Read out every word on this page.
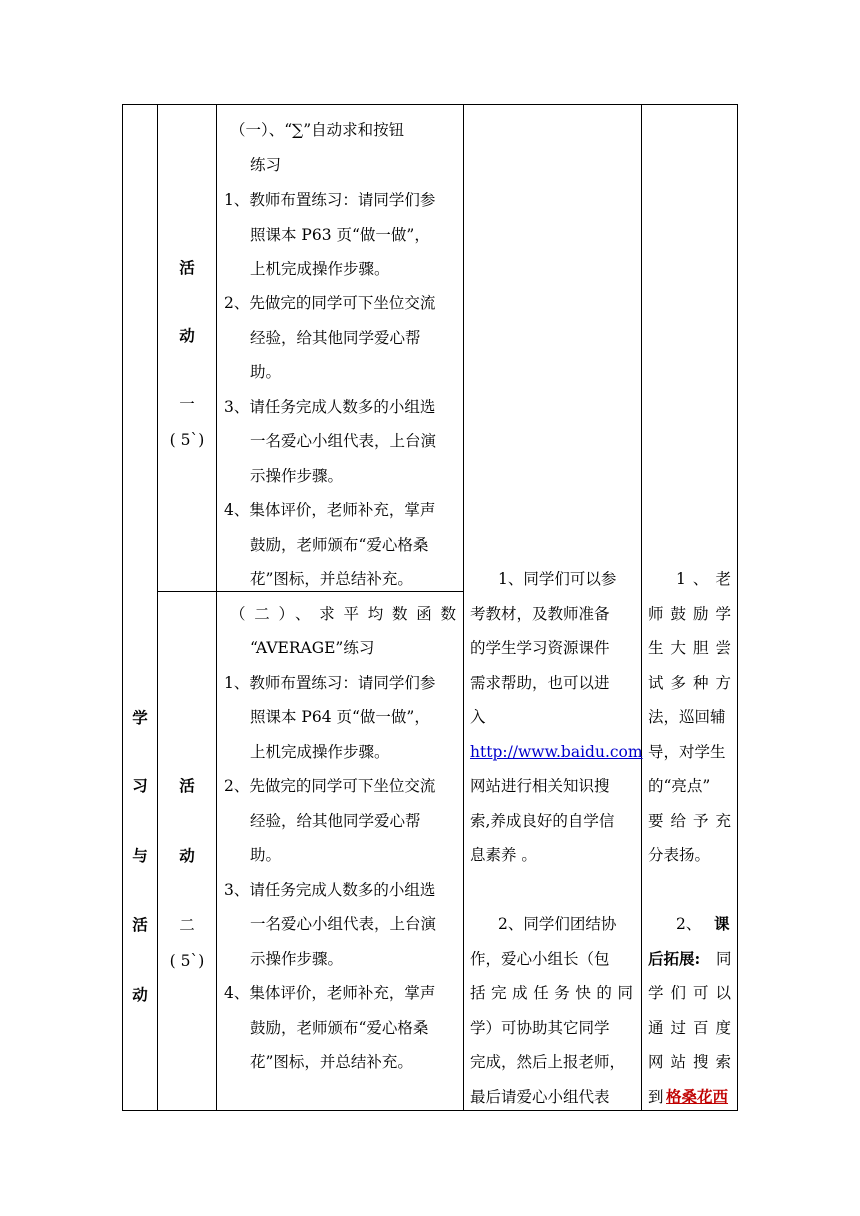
学
习
与
活
动
活
动
一
( 5`)
（一）、“∑”自动求和按钮
练习
1、教师布置练习：请同学们参
照课本 P63 页“做一做”，
上机完成操作步骤。
2、先做完的同学可下坐位交流
经验，给其他同学爱心帮
助。
3、请任务完成人数多的小组选
一名爱心小组代表，上台演
示操作步骤。
4、集体评价，老师补充，掌声
鼓励，老师颁布“爱心格桑
花”图标，并总结补充。
活
动
二
( 5`)
（二）、求平均数函数
“AVERAGE”练习
1、教师布置练习：请同学们参
照课本 P64 页“做一做”，
上机完成操作步骤。
2、先做完的同学可下坐位交流
经验，给其他同学爱心帮
助。
3、请任务完成人数多的小组选
一名爱心小组代表，上台演
示操作步骤。
4、集体评价，老师补充，掌声
鼓励，老师颁布“爱心格桑
花”图标，并总结补充。
1、同学们可以参
考教材，及教师准备
的学生学习资源课件
需求帮助，也可以进
入
http://www.baidu.com
网站进行相关知识搜
索,养成良好的自学信
息素养 。
2、同学们团结协
作，爱心小组长（包
括完成任务快的同
学）可协助其它同学
完成，然后上报老师，
最后请爱心小组代表
1、老
师鼓励学
生大胆尝
试多种方
法，巡回辅
导，对学生
的“亮点”
要给予充
分表扬。
2、 课
后拓展: 同
学们可以
通过百度
网站搜索
到 格桑花西
